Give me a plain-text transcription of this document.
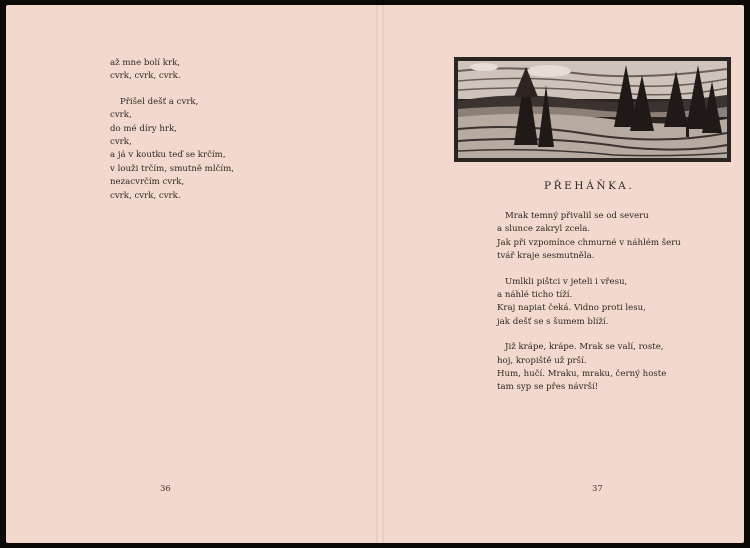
až mne bolí krk,
cvrk, cvrk, cvrk.
Přišel dešť a cvrk,
cvrk,
do mé díry hrk,
cvrk,
a já v koutku teď se krčím,
v louži trčím, smutně mlčím,
nezacvrčím cvrk,
cvrk, cvrk, cvrk.
36
PŘEHÁŇKA.
Mrak temný přivalil se od severu
a slunce zakryl zcela.
Jak při vzpomínce chmurné v náhlém šeru
tvář kraje sesmutněla.
Umlkli pištci v jeteli i vřesu,
a náhlé ticho tíží.
Kraj napiat čeká. Vidno proti lesu,
jak dešť se s šumem blíží.
Již krápe, krápe. Mrak se valí, roste,
hoj, kropiště už prší.
Hum, hučí. Mraku, mraku, černý hoste
tam syp se přes návrší!
37
